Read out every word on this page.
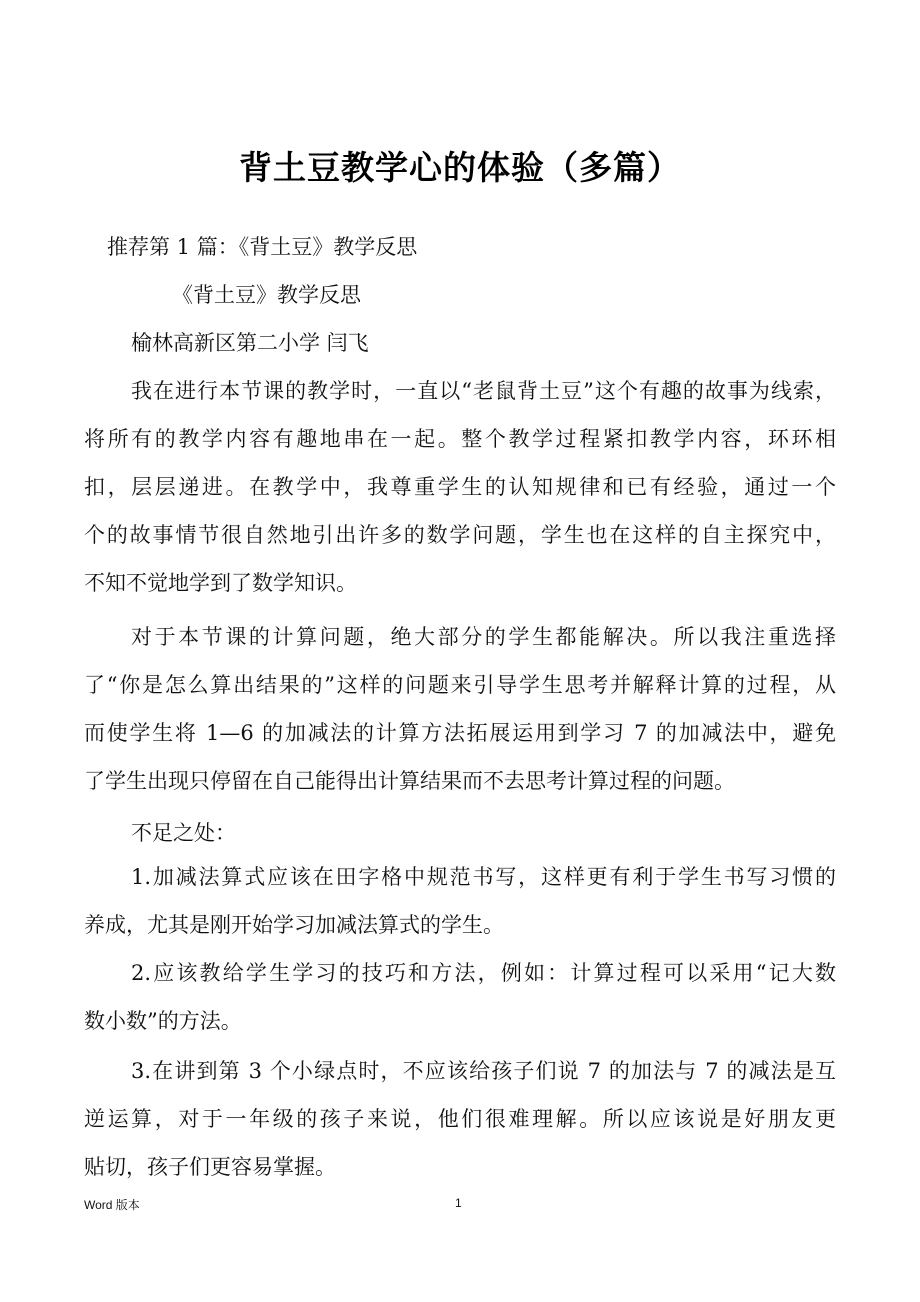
背土豆教学心的体验（多篇）
推荐第 1 篇：《背土豆》教学反思
《背土豆》教学反思
榆林高新区第二小学 闫飞
我在进行本节课的教学时，一直以“老鼠背土豆”这个有趣的故事为线索，
将所有的教学内容有趣地串在一起。整个教学过程紧扣教学内容，环环相
扣，层层递进。在教学中，我尊重学生的认知规律和已有经验，通过一个
个的故事情节很自然地引出许多的数学问题，学生也在这样的自主探究中，
不知不觉地学到了数学知识。
对于本节课的计算问题，绝大部分的学生都能解决。所以我注重选择
了“你是怎么算出结果的”这样的问题来引导学生思考并解释计算的过程，从
而使学生将 1—6 的加减法的计算方法拓展运用到学习 7 的加减法中，避免
了学生出现只停留在自己能得出计算结果而不去思考计算过程的问题。
不足之处：
1.加减法算式应该在田字格中规范书写，这样更有利于学生书写习惯的
养成，尤其是刚开始学习加减法算式的学生。
2.应该教给学生学习的技巧和方法，例如：计算过程可以采用“记大数
数小数”的方法。
3.在讲到第 3 个小绿点时，不应该给孩子们说 7 的加法与 7 的减法是互
逆运算，对于一年级的孩子来说，他们很难理解。所以应该说是好朋友更
贴切，孩子们更容易掌握。
Word 版本	1
